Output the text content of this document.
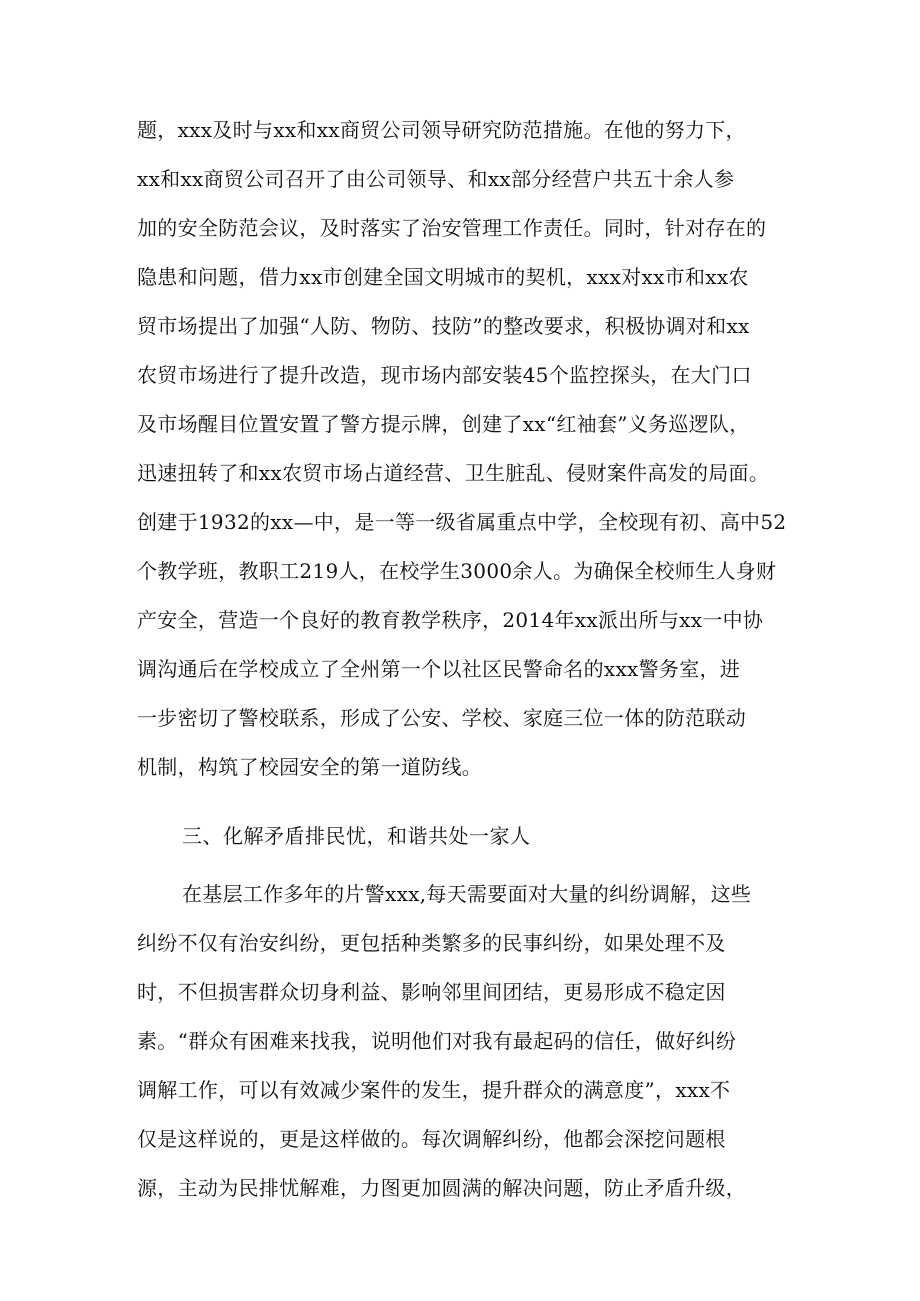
题，xxx及时与xx和xx商贸公司领导研究防范措施。在他的努力下，
xx和xx商贸公司召开了由公司领导、和xx部分经营户共五十余人参
加的安全防范会议，及时落实了治安管理工作责任。同时，针对存在的
隐患和问题，借力xx市创建全国文明城市的契机，xxx对xx市和xx农
贸市场提出了加强“人防、物防、技防”的整改要求，积极协调对和xx
农贸市场进行了提升改造，现市场内部安装45个监控探头，在大门口
及市场醒目位置安置了警方提示牌，创建了xx“红袖套”义务巡逻队，
迅速扭转了和xx农贸市场占道经营、卫生脏乱、侵财案件高发的局面。
创建于1932的xx—中，是一等一级省属重点中学，全校现有初、高中52
个教学班，教职工219人，在校学生3000余人。为确保全校师生人身财
产安全，营造一个良好的教育教学秩序，2014年xx派出所与xx一中协
调沟通后在学校成立了全州第一个以社区民警命名的xxx警务室，进
一步密切了警校联系，形成了公安、学校、家庭三位一体的防范联动
机制，构筑了校园安全的第一道防线。
三、化解矛盾排民忧，和谐共处一家人
在基层工作多年的片警xxx,每天需要面对大量的纠纷调解，这些
纠纷不仅有治安纠纷，更包括种类繁多的民事纠纷，如果处理不及
时，不但损害群众切身利益、影响邻里间团结，更易形成不稳定因
素。“群众有困难来找我，说明他们对我有最起码的信任，做好纠纷
调解工作，可以有效减少案件的发生，提升群众的满意度”，xxx不
仅是这样说的，更是这样做的。每次调解纠纷，他都会深挖问题根
源，主动为民排忧解难，力图更加圆满的解决问题，防止矛盾升级，
